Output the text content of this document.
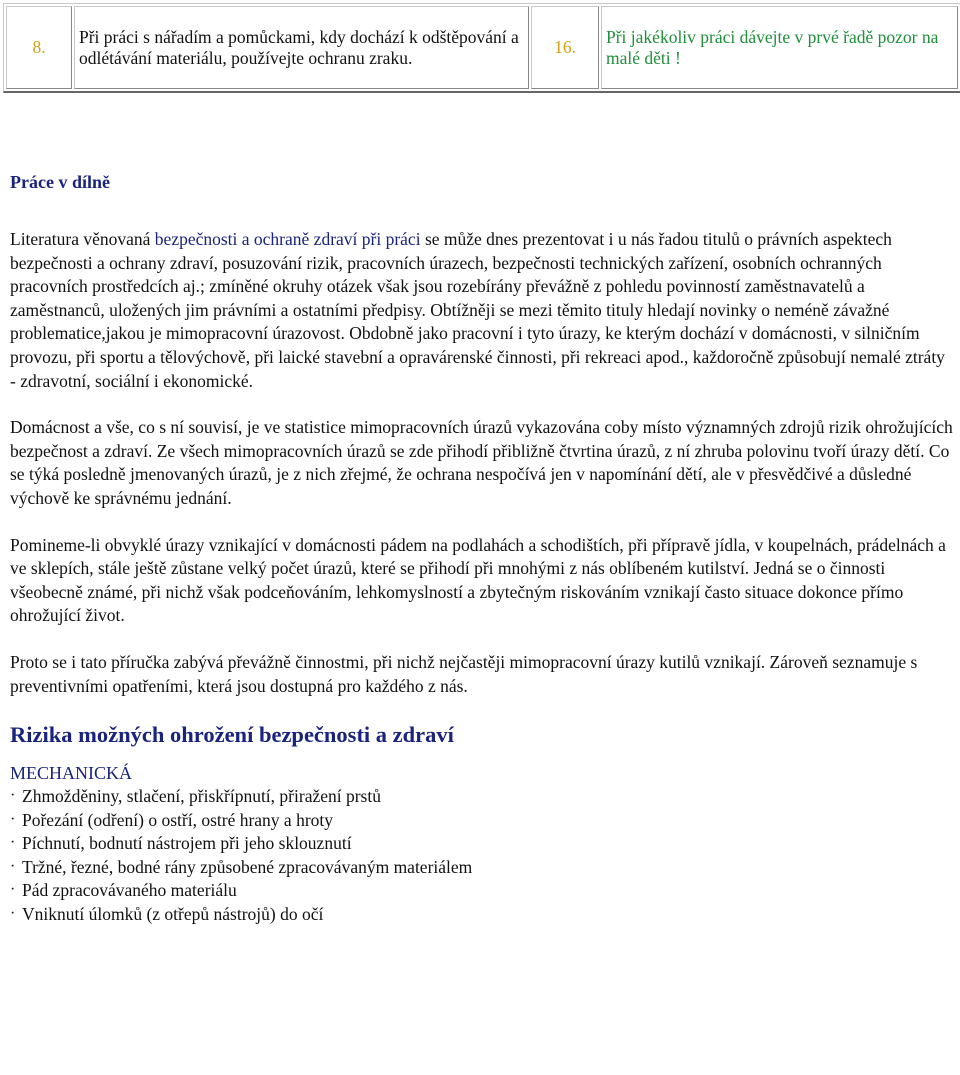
8.	Při práci s nářadím a pomůckami, kdy dochází k odštěpování a odlétávání materiálu, používejte ochranu zraku.	16.	Při jakékoliv práci dávejte v prvé řadě pozor na malé děti !
Práce v dílně

Literatura věnovaná bezpečnosti a ochraně zdraví při práci se může dnes prezentovat i u nás řadou titulů o právních aspektech bezpečnosti a ochrany zdraví, posuzování rizik, pracovních úrazech, bezpečnosti technických zařízení, osobních ochranných pracovních prostředcích aj.; zmíněné okruhy otázek však jsou rozebírány převážně z pohledu povinností zaměstnavatelů a zaměstnanců, uložených jim právními a ostatními předpisy. Obtížněji se mezi těmito tituly hledají novinky o neméně závažné problematice,jakou je mimopracovní úrazovost. Obdobně jako pracovní i tyto úrazy, ke kterým dochází v domácnosti, v silničním provozu, při sportu a tělovýchově, při laické stavební a opravárenské činnosti, při rekreaci apod., každoročně způsobují nemalé ztráty - zdravotní, sociální i ekonomické.

Domácnost a vše, co s ní souvisí, je ve statistice mimopracovních úrazů vykazována coby místo významných zdrojů rizik ohrožujících bezpečnost a zdraví. Ze všech mimopracovních úrazů se zde přihodí přibližně čtvrtina úrazů, z ní zhruba polovinu tvoří úrazy dětí. Co se týká posledně jmenovaných úrazů, je z nich zřejmé, že ochrana nespočívá jen v napomínání dětí, ale v přesvědčivé a důsledné výchově ke správnému jednání.

Pomineme-li obvyklé úrazy vznikající v domácnosti pádem na podlahách a schodištích, při přípravě jídla, v koupelnách, prádelnách a ve sklepích, stále ještě zůstane velký počet úrazů, které se přihodí při mnohými z nás oblíbeném kutilství. Jedná se o činnosti všeobecně známé, při nichž však podceňováním, lehkomyslností a zbytečným riskováním vznikají často situace dokonce přímo ohrožující život.

Proto se i tato příručka zabývá převážně činnostmi, při nichž nejčastěji mimopracovní úrazy kutilů vznikají. Zároveň seznamuje s preventivními opatřeními, která jsou dostupná pro každého z nás.

Rizika možných ohrožení bezpečnosti a zdraví
MECHANICKÁ
· Zhmožděniny, stlačení, přiskřípnutí, přiražení prstů
· Pořezání (odření) o ostří, ostré hrany a hroty
· Píchnutí, bodnutí nástrojem při jeho sklouznutí
· Tržné, řezné, bodné rány způsobené zpracovávaným materiálem
· Pád zpracovávaného materiálu
· Vniknutí úlomků (z otřepů nástrojů) do očí
